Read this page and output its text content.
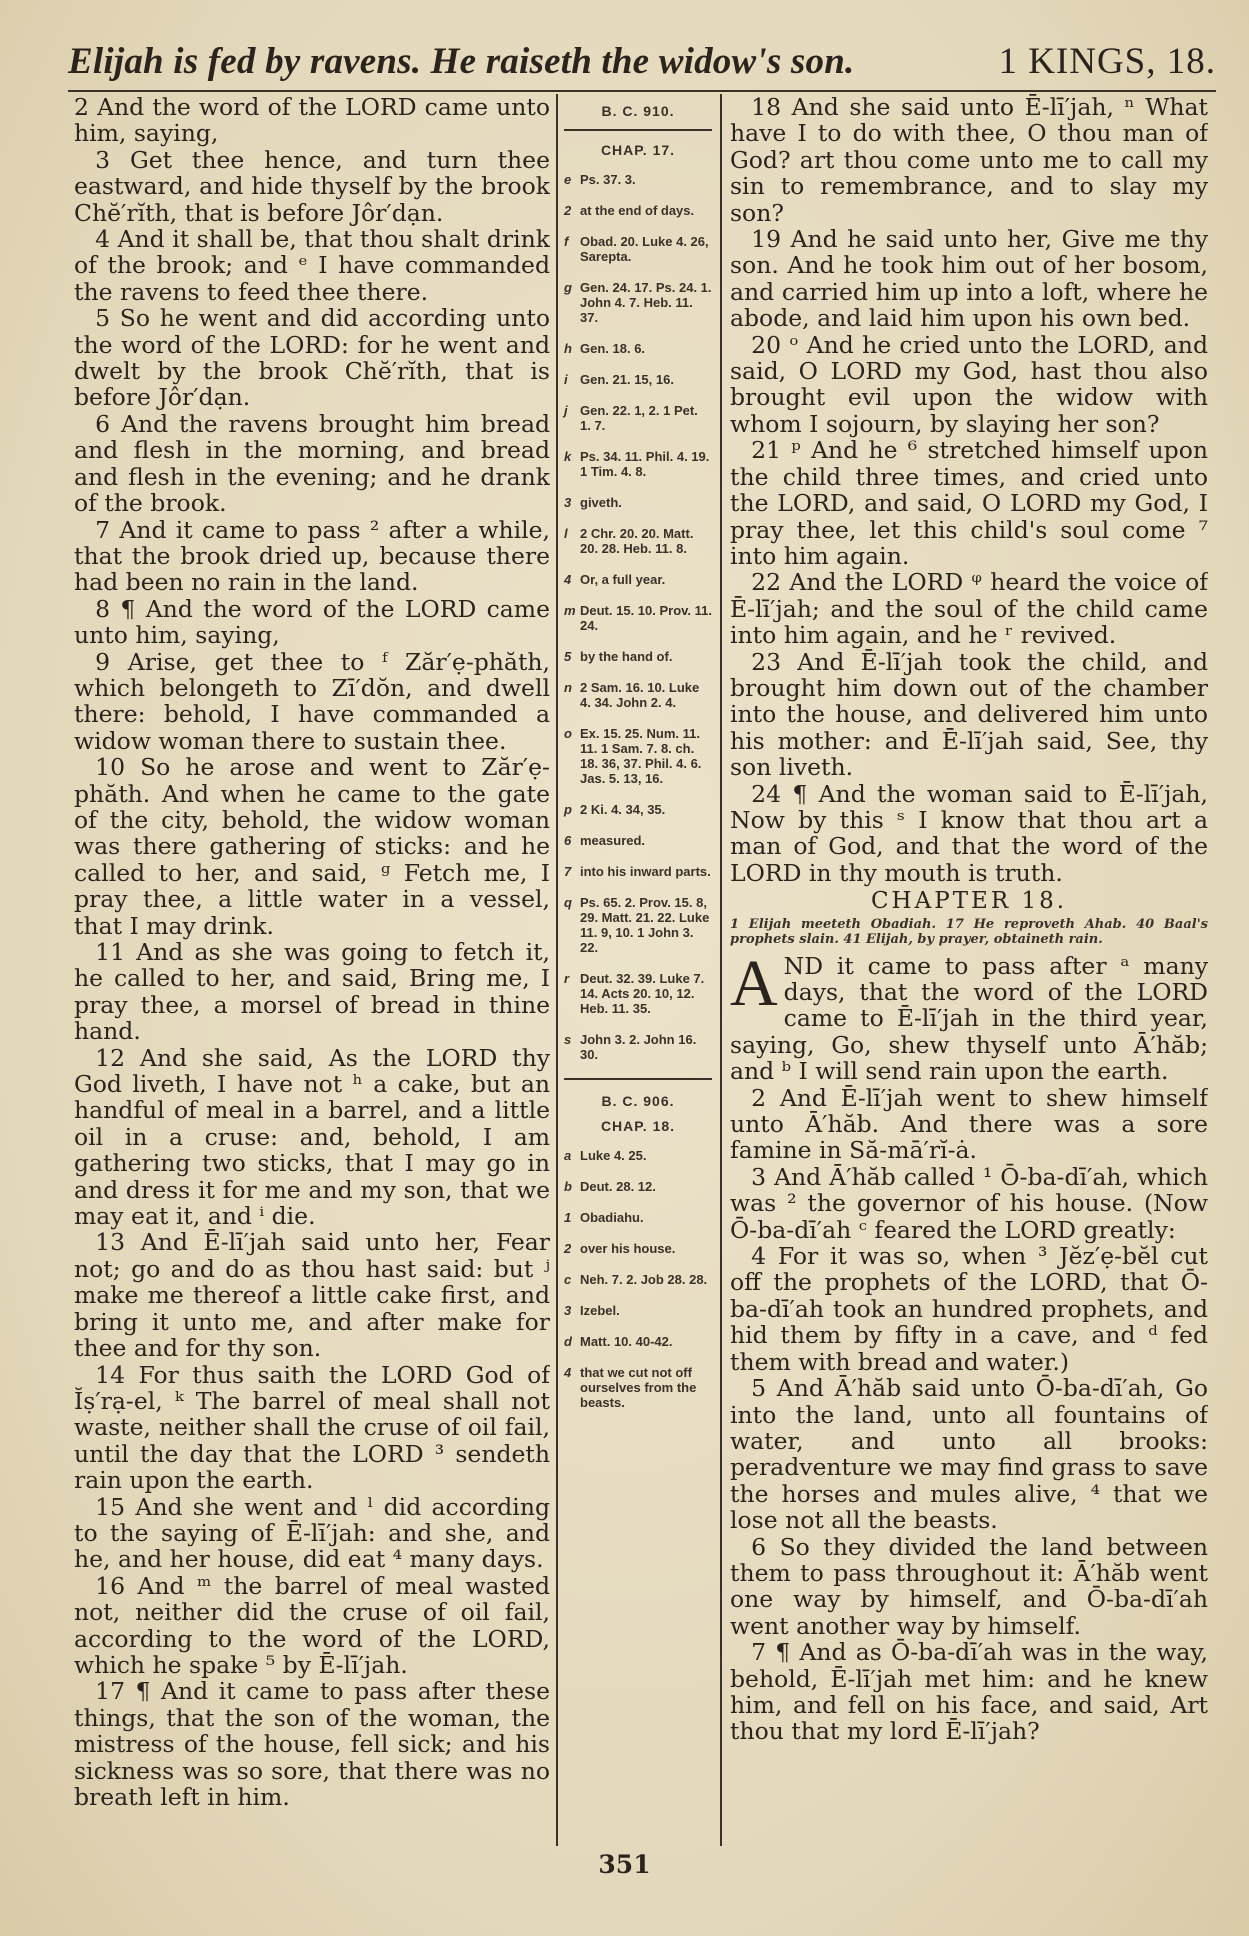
Elijah is fed by ravens. He raiseth the widow's son.	1 KINGS, 18.

2 And the word of the LORD came unto him, saying,

3 Get thee hence, and turn thee eastward, and hide thyself by the brook Chĕ′rĭth, that is before Jôr′dạn.

4 And it shall be, that thou shalt drink of the brook; and ᵉ I have commanded the ravens to feed thee there.

5 So he went and did according unto the word of the LORD: for he went and dwelt by the brook Chĕ′rĭth, that is before Jôr′dạn.

6 And the ravens brought him bread and flesh in the morning, and bread and flesh in the evening; and he drank of the brook.

7 And it came to pass ² after a while, that the brook dried up, because there had been no rain in the land.

8 ¶ And the word of the LORD came unto him, saying,

9 Arise, get thee to ᶠ Zăr′ẹ-phăth, which belongeth to Zī′dŏn, and dwell there: behold, I have commanded a widow woman there to sustain thee.

10 So he arose and went to Zăr′ẹ-phăth. And when he came to the gate of the city, behold, the widow woman was there gathering of sticks: and he called to her, and said, ᵍ Fetch me, I pray thee, a little water in a vessel, that I may drink.

11 And as she was going to fetch it, he called to her, and said, Bring me, I pray thee, a morsel of bread in thine hand.

12 And she said, As the LORD thy God liveth, I have not ʰ a cake, but an handful of meal in a barrel, and a little oil in a cruse: and, behold, I am gathering two sticks, that I may go in and dress it for me and my son, that we may eat it, and ⁱ die.

13 And Ē-lī′jah said unto her, Fear not; go and do as thou hast said: but ʲ make me thereof a little cake first, and bring it unto me, and after make for thee and for thy son.

14 For thus saith the LORD God of Ĭṣ′rạ-el, ᵏ The barrel of meal shall not waste, neither shall the cruse of oil fail, until the day that the LORD ³ sendeth rain upon the earth.

15 And she went and ˡ did according to the saying of Ē-lī′jah: and she, and he, and her house, did eat ⁴ many days.

16 And ᵐ the barrel of meal wasted not, neither did the cruse of oil fail, according to the word of the LORD, which he spake ⁵ by Ē-lī′jah.

17 ¶ And it came to pass after these things, that the son of the woman, the mistress of the house, fell sick; and his sickness was so sore, that there was no breath left in him.

B. C. 910.
CHAP. 17.
e Ps. 37. 3.
2 at the end of days.
f Obad. 20. Luke 4. 26, Sarepta.
g Gen. 24. 17. Ps. 24. 1. John 4. 7. Heb. 11. 37.
h Gen. 18. 6.
i Gen. 21. 15, 16.
j Gen. 22. 1, 2. 1 Pet. 1. 7.
k Ps. 34. 11. Phil. 4. 19. 1 Tim. 4. 8.
3 giveth.
l 2 Chr. 20. 20. Matt. 20. 28. Heb. 11. 8.
4 Or, a full year.
m Deut. 15. 10. Prov. 11. 24.
5 by the hand of.
n 2 Sam. 16. 10. Luke 4. 34. John 2. 4.
o Ex. 15. 25. Num. 11. 11. 1 Sam. 7. 8. ch. 18. 36, 37. Phil. 4. 6. Jas. 5. 13, 16.
p 2 Ki. 4. 34, 35.
6 measured.
7 into his inward parts.
q Ps. 65. 2. Prov. 15. 8, 29. Matt. 21. 22. Luke 11. 9, 10. 1 John 3. 22.
r Deut. 32. 39. Luke 7. 14. Acts 20. 10, 12. Heb. 11. 35.
s John 3. 2. John 16. 30.
B. C. 906.
CHAP. 18.
a Luke 4. 25.
b Deut. 28. 12.
1 Obadiahu.
2 over his house.
c Neh. 7. 2. Job 28. 28.
3 Izebel.
d Matt. 10. 40-42.
4 that we cut not off ourselves from the beasts.

18 And she said unto Ē-lī′jah, ⁿ What have I to do with thee, O thou man of God? art thou come unto me to call my sin to remembrance, and to slay my son?

19 And he said unto her, Give me thy son. And he took him out of her bosom, and carried him up into a loft, where he abode, and laid him upon his own bed.

20 ᵒ And he cried unto the LORD, and said, O LORD my God, hast thou also brought evil upon the widow with whom I sojourn, by slaying her son?

21 ᵖ And he ⁶ stretched himself upon the child three times, and cried unto the LORD, and said, O LORD my God, I pray thee, let this child's soul come ⁷ into him again.

22 And the LORD ᵠ heard the voice of Ē-lī′jah; and the soul of the child came into him again, and he ʳ revived.

23 And Ē-lī′jah took the child, and brought him down out of the chamber into the house, and delivered him unto his mother: and Ē-lī′jah said, See, thy son liveth.

24 ¶ And the woman said to Ē-lī′jah, Now by this ˢ I know that thou art a man of God, and that the word of the LORD in thy mouth is truth.

CHAPTER 18.
1 Elijah meeteth Obadiah. 17 He reproveth Ahab. 40 Baal's prophets slain. 41 Elijah, by prayer, obtaineth rain.

AND it came to pass after ᵃ many days, that the word of the LORD came to Ē-lī′jah in the third year, saying, Go, shew thyself unto Ā′hăb; and ᵇ I will send rain upon the earth.

2 And Ē-lī′jah went to shew himself unto Ā′hăb. And there was a sore famine in Să-mā′rĭ-ȧ.

3 And Ā′hăb called ¹ Ō-ba-dī′ah, which was ² the governor of his house. (Now Ō-ba-dī′ah ᶜ feared the LORD greatly:

4 For it was so, when ³ Jĕz′ẹ-bĕl cut off the prophets of the LORD, that Ō-ba-dī′ah took an hundred prophets, and hid them by fifty in a cave, and ᵈ fed them with bread and water.)

5 And Ā′hăb said unto Ō-ba-dī′ah, Go into the land, unto all fountains of water, and unto all brooks: peradventure we may find grass to save the horses and mules alive, ⁴ that we lose not all the beasts.

6 So they divided the land between them to pass throughout it: Ā′hăb went one way by himself, and Ō-ba-dī′ah went another way by himself.

7 ¶ And as Ō-ba-dī′ah was in the way, behold, Ē-lī′jah met him: and he knew him, and fell on his face, and said, Art thou that my lord Ē-lī′jah?

351
